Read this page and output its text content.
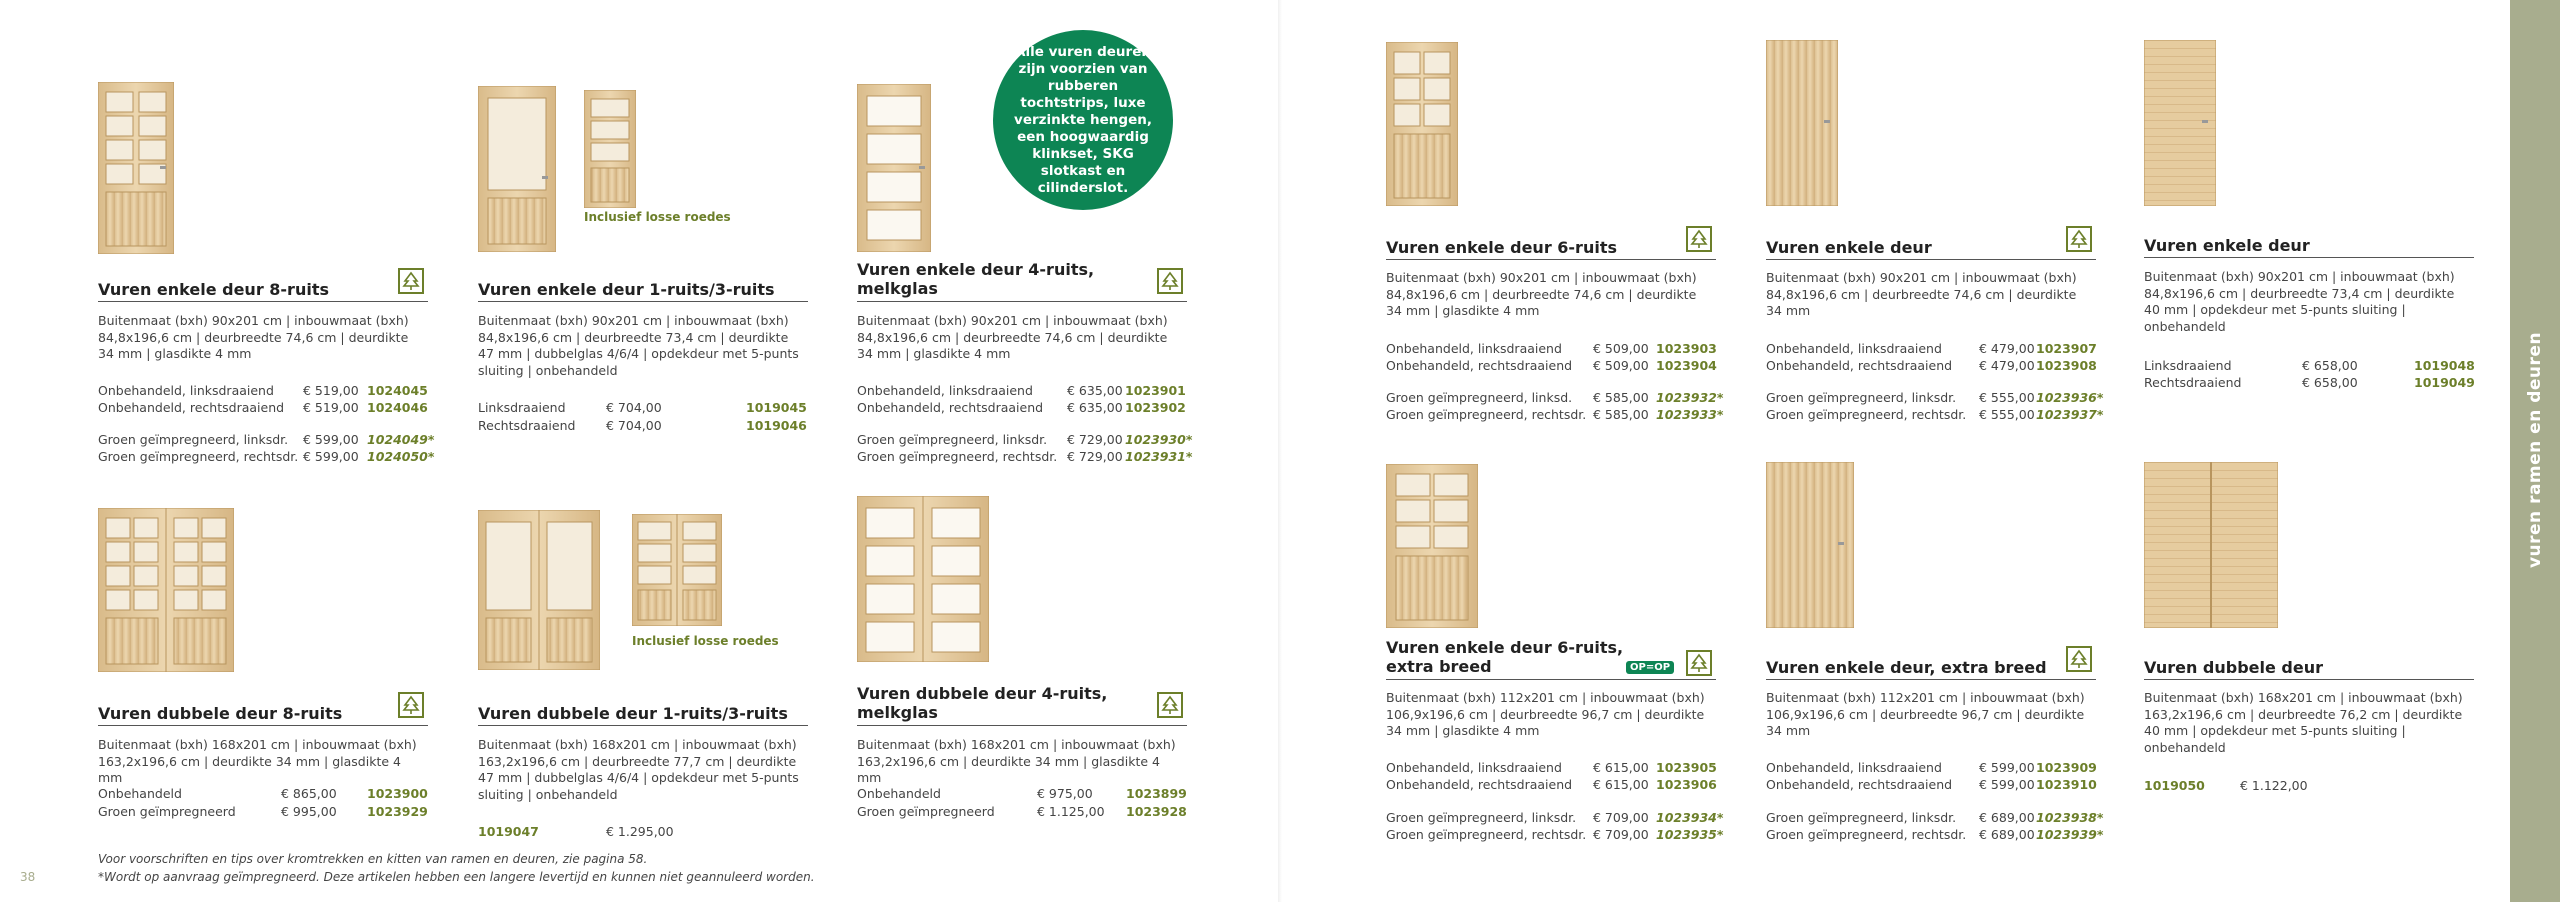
vuren ramen en deuren
38	39
Alle vuren deuren zijn voorzien van rubberen tochtstrips, luxe verzinkte hengen, een hoogwaardig klinkset, SKG slotkast en cilinderslot.
Voor voorschriften en tips over kromtrekken en kitten van ramen en deuren, zie pagina 58.
*Wordt op aanvraag geïmpregneerd. Deze artikelen hebben een langere levertijd en kunnen niet geannuleerd worden.
Vuren enkele deur 8-ruits
Buitenmaat (bxh) 90x201 cm | inbouwmaat (bxh) 84,8x196,6 cm | deurbreedte 74,6 cm | deurdikte 34 mm | glasdikte 4 mm
Onbehandeld, linksdraaiend € 519,00 1024045
Onbehandeld, rechtsdraaiend € 519,00 1024046
Groen geïmpregneerd, linksdr. € 599,00 1024049*
Groen geïmpregneerd, rechtsdr. € 599,00 1024050*
Inclusief losse roedes
Vuren enkele deur 1-ruits/3-ruits
Buitenmaat (bxh) 90x201 cm | inbouwmaat (bxh) 84,8x196,6 cm | deurbreedte 73,4 cm | deurdikte 47 mm | dubbelglas 4/6/4 | opdekdeur met 5-punts sluiting | onbehandeld
Linksdraaiend	€ 704,00	1019045
Rechtsdraaiend € 704,00	1019046
Vuren enkele deur 4-ruits, melkglas
Buitenmaat (bxh) 90x201 cm | inbouwmaat (bxh) 84,8x196,6 cm | deurbreedte 74,6 cm | deurdikte 34 mm | glasdikte 4 mm
Onbehandeld, linksdraaiend	€ 635,00 1023901
Onbehandeld, rechtsdraaiend € 635,00 1023902
Groen geïmpregneerd, linksdr. € 729,00 1023930*
Groen geïmpregneerd, rechtsdr. € 729,00 1023931*
Vuren dubbele deur 8-ruits
Buitenmaat (bxh) 168x201 cm | inbouwmaat (bxh) 163,2x196,6 cm | deurdikte 34 mm | glasdikte 4 mm
Onbehandeld	€ 865,00 1023900
Groen geïmpregneerd	€ 995,00 1023929
Inclusief losse roedes
Vuren dubbele deur 1-ruits/3-ruits
Buitenmaat (bxh) 168x201 cm | inbouwmaat (bxh) 163,2x196,6 cm | deurbreedte 77,7 cm | deurdikte 47 mm | dubbelglas 4/6/4 | opdekdeur met 5-punts sluiting | onbehandeld
1019047	€ 1.295,00
Vuren dubbele deur 4-ruits, melkglas
Buitenmaat (bxh) 168x201 cm | inbouwmaat (bxh) 163,2x196,6 cm | deurdikte 34 mm | glasdikte 4 mm
Onbehandeld	€ 975,00	1023899
Groen geïmpregneerd	€ 1.125,00 1023928
Vuren enkele deur 6-ruits
Buitenmaat (bxh) 90x201 cm | inbouwmaat (bxh) 84,8x196,6 cm | deurbreedte 74,6 cm | deurdikte 34 mm | glasdikte 4 mm
Onbehandeld, linksdraaiend € 509,00 1023903
Onbehandeld, rechtsdraaiend € 509,00 1023904
Groen geïmpregneerd, linksd. € 585,00 1023932*
Groen geïmpregneerd, rechtsdr. € 585,00 1023933*
Vuren enkele deur
Buitenmaat (bxh) 90x201 cm | inbouwmaat (bxh) 84,8x196,6 cm | deurbreedte 74,6 cm | deurdikte 34 mm
Onbehandeld, linksdraaiend	€ 479,001023907
Onbehandeld, rechtsdraaiend € 479,001023908
Groen geïmpregneerd, linksdr. € 555,001023936*
Groen geïmpregneerd, rechtsdr. € 555,001023937*
Vuren enkele deur
Buitenmaat (bxh) 90x201 cm | inbouwmaat (bxh) 84,8x196,6 cm | deurbreedte 73,4 cm | deurdikte 40 mm | opdekdeur met 5-punts sluiting | onbehandeld
Linksdraaiend	€ 658,00	1019048
Rechtsdraaiend	€ 658,00	1019049
Vuren enkele deur 6-ruits, extra breed	OP=OP
Buitenmaat (bxh) 112x201 cm | inbouwmaat (bxh) 106,9x196,6 cm | deurbreedte 96,7 cm | deurdikte 34 mm | glasdikte 4 mm
Onbehandeld, linksdraaiend € 615,00 1023905
Onbehandeld, rechtsdraaiend € 615,00 1023906
Groen geïmpregneerd, linksdr. € 709,00 1023934*
Groen geïmpregneerd, rechtsdr. € 709,00 1023935*
Vuren enkele deur, extra breed
Buitenmaat (bxh) 112x201 cm | inbouwmaat (bxh) 106,9x196,6 cm | deurbreedte 96,7 cm | deurdikte 34 mm
Onbehandeld, linksdraaiend	€ 599,001023909
Onbehandeld, rechtsdraaiend € 599,001023910
Groen geïmpregneerd, linksdr. € 689,001023938*
Groen geïmpregneerd, rechtsdr. € 689,001023939*
Vuren dubbele deur
Buitenmaat (bxh) 168x201 cm | inbouwmaat (bxh) 163,2x196,6 cm | deurbreedte 76,2 cm | deurdikte 40 mm | opdekdeur met 5-punts sluiting | onbehandeld
1019050	€ 1.122,00
